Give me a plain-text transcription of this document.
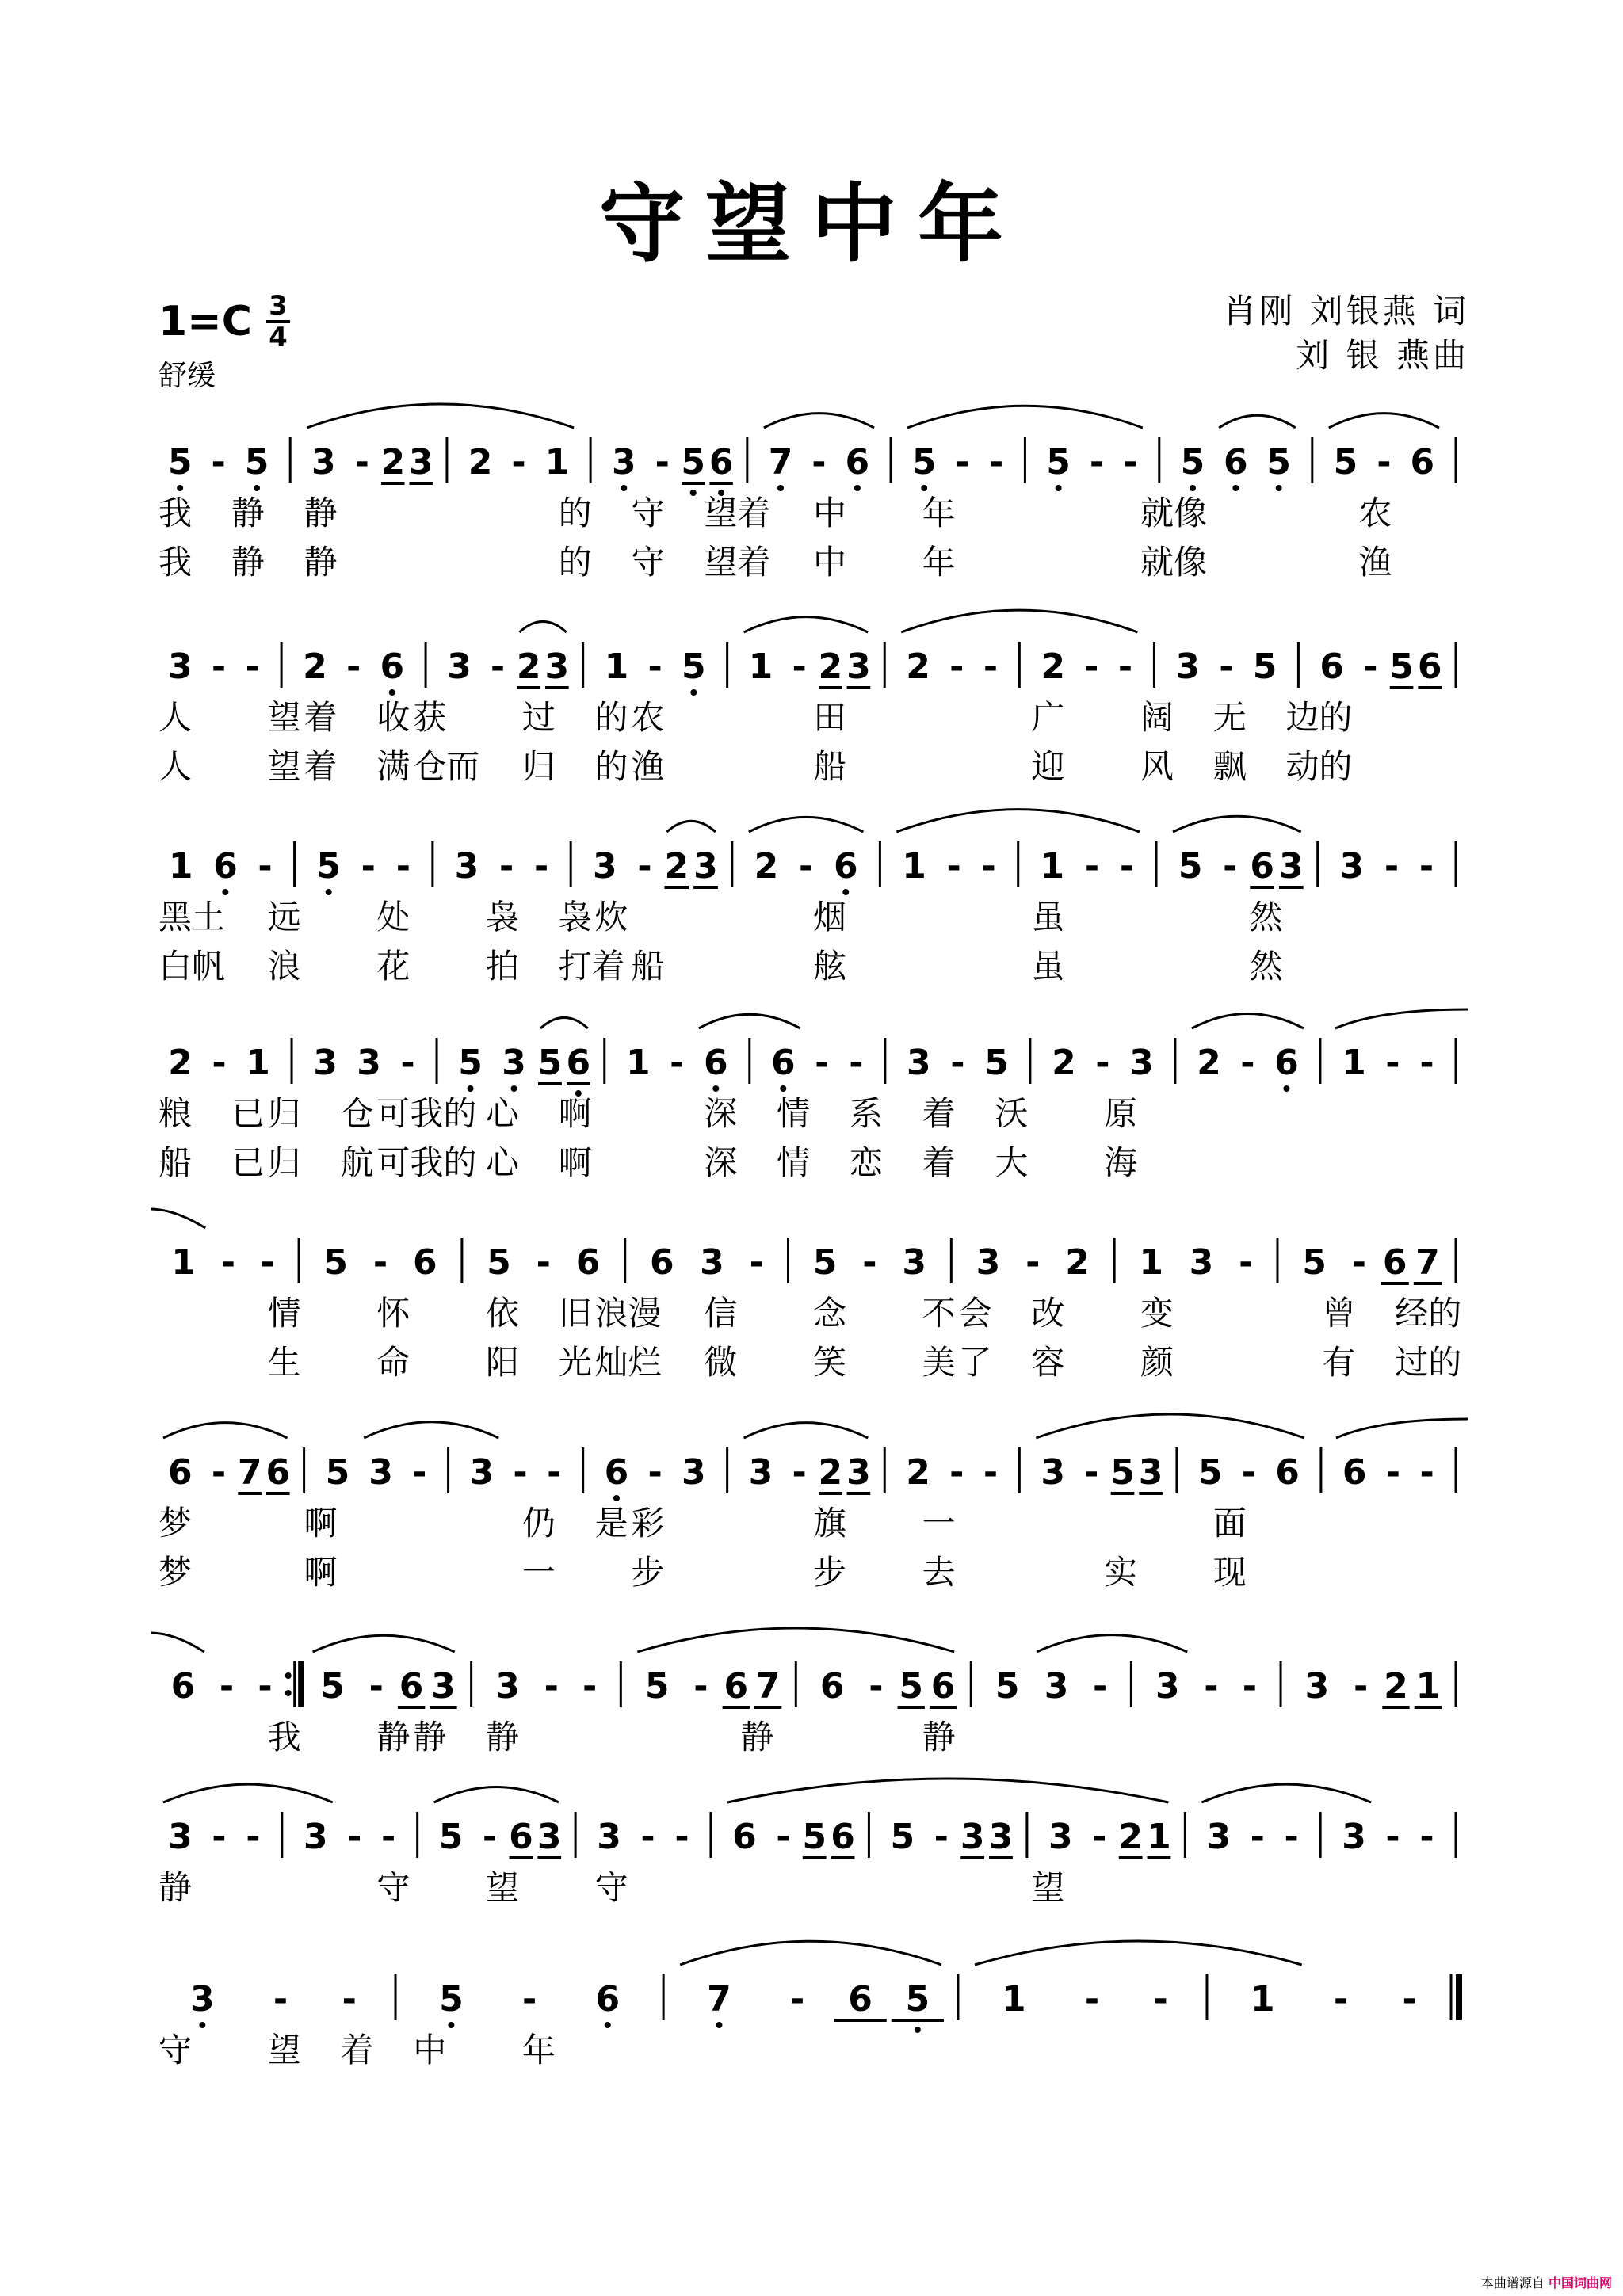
守望中年
1=C 3
4
舒缓
肖刚 刘银燕 词
刘 银 燕曲
5 - 5 3 - 2 3 2 - 1 3 - 5 6 7 - 6 5 - - 5 - - 5 6 5 5 - 6
我 静 静	的 守 望着 中 年	就像	农
我 静 静	的 守 望着 中 年	就像	渔
3 - - 2 - 6 3 - 2 3 1 - 5 1 - 2 3 2 - - 2 - - 3 - 5 6 - 5 6
人 望 着 收 获 过 的 农	田	广 阔 无 边的
人 望 着 满 仓而 归 的 渔	船	迎 风 飘 动的
1 6 - 5 - - 3 - - 3 - 2 3 2 - 6 1 - - 1 - - 5 - 6 3 3 - -
黑土 远 处 袅 袅 炊	烟	虽	然
白帆 浪 花 拍 打着 船	舷	虽	然
2 - 1 3 3 - 5 3 5 6 1 - 6 6 - - 3 - 5 2 - 3 2 - 6 1 - -
粮 已 归 仓 可我的 心 啊	深 情 系 着 沃 原
船 已 归 航 可我的 心 啊	深 情 恋 着 大 海
1 - - 5 - 6 5 - 6 6 3 - 5 - 3 3 - 2 1 3 - 5 - 6 7
情 怀 依 旧 浪漫 信 念 不 会 改 变	曾 经的
生 命 阳 光 灿烂 微 笑 美 了 容 颜	有 过的
6 - 7 6 5 3 - 3 - - 6 - 3 3 - 2 3 2 - - 3 - 5 3 5 - 6 6 - -
梦	啊	仍 是 彩	旗 一	面
梦	啊	一 步	步 去	实 现
6 - - 5 - 6 3 3 - - 5 - 6 7 6 - 5 6 5 3 - 3 - - 3 - 2 1
我 静 静 静	静	静
3 - - 3 - - 5 - 6 3 3 - - 6 - 5 6 5 - 3 3 3 - 2 1 3 - - 3 - -
静	守 望 守	望
3 - - 5 - 6	7 - 6 5 1 - - 1 - -
守 望 着 中 年
本曲谱源自 中国词曲网
